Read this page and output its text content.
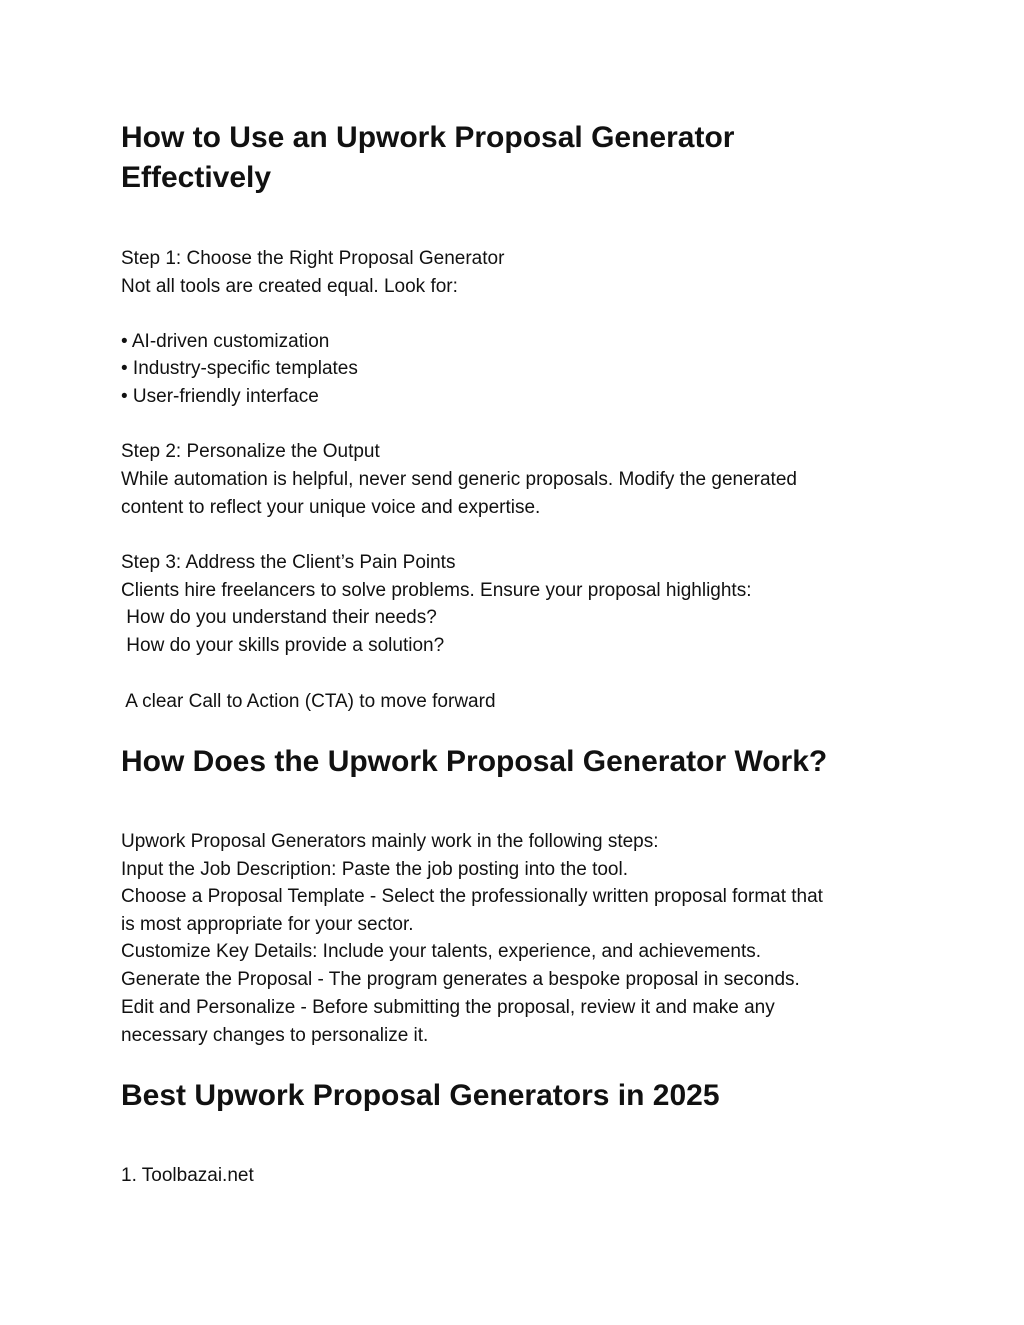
How to Use an Upwork Proposal Generator
Effectively
Step 1: Choose the Right Proposal Generator
Not all tools are created equal. Look for:
• AI-driven customization
• Industry-specific templates
• User-friendly interface
Step 2: Personalize the Output
While automation is helpful, never send generic proposals. Modify the generated
content to reflect your unique voice and expertise.
Step 3: Address the Client’s Pain Points
Clients hire freelancers to solve problems. Ensure your proposal highlights:
How do you understand their needs?
How do your skills provide a solution?
A clear Call to Action (CTA) to move forward
How Does the Upwork Proposal Generator Work?
Upwork Proposal Generators mainly work in the following steps:
Input the Job Description: Paste the job posting into the tool.
Choose a Proposal Template - Select the professionally written proposal format that
is most appropriate for your sector.
Customize Key Details: Include your talents, experience, and achievements.
Generate the Proposal - The program generates a bespoke proposal in seconds.
Edit and Personalize - Before submitting the proposal, review it and make any
necessary changes to personalize it.
Best Upwork Proposal Generators in 2025
1. Toolbazai.net
